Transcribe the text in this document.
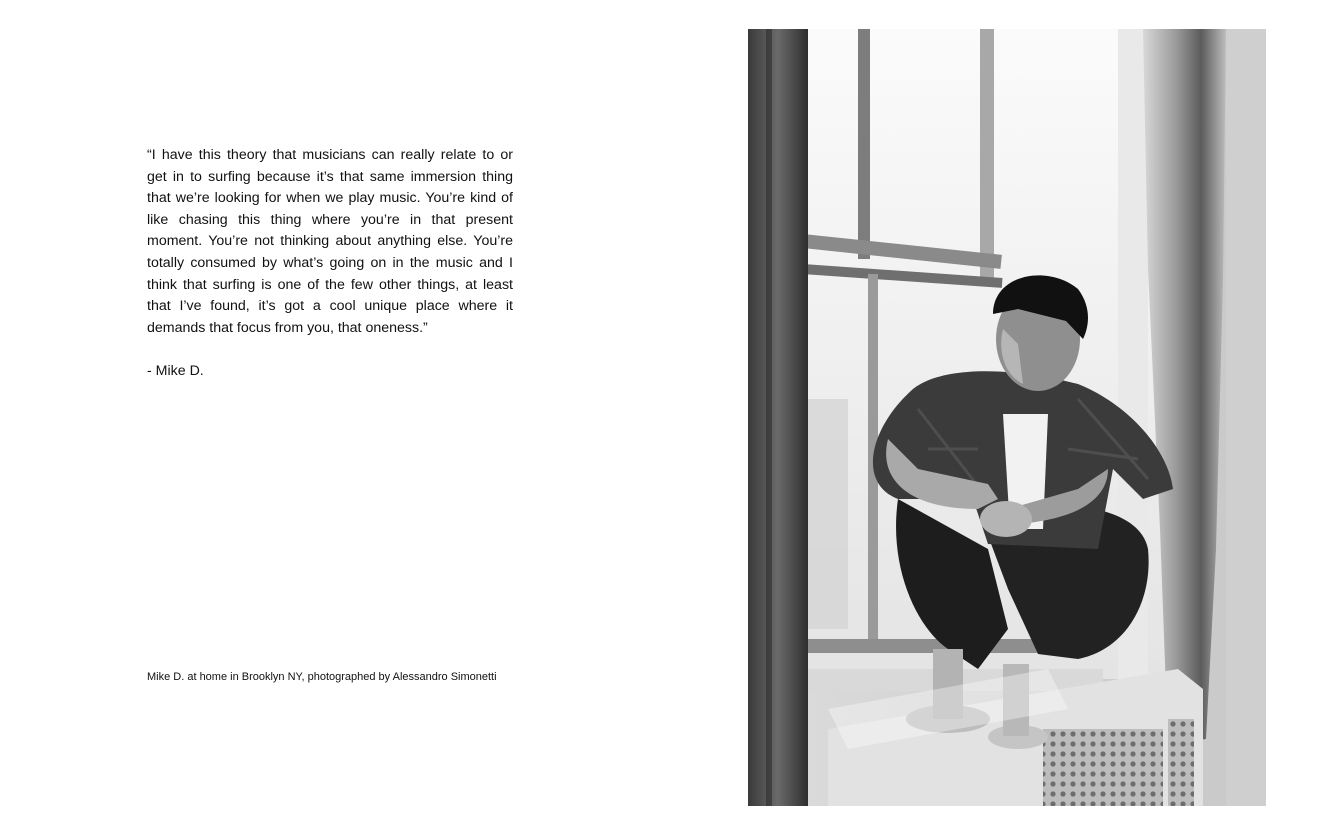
“I have this theory that musicians can really relate to or get in to surfing because it’s that same immersion thing that we’re looking for when we play music. You’re kind of like chasing this thing where you’re in that present moment. You’re not thinking about anything else. You’re totally consumed by what’s going on in the music and I think that surfing is one of the few other things, at least that I’ve found, it’s got a cool unique place where it demands that focus from you, that oneness.”

- Mike D.

Mike D. at home in Brooklyn NY, photographed by Alessandro Simonetti
